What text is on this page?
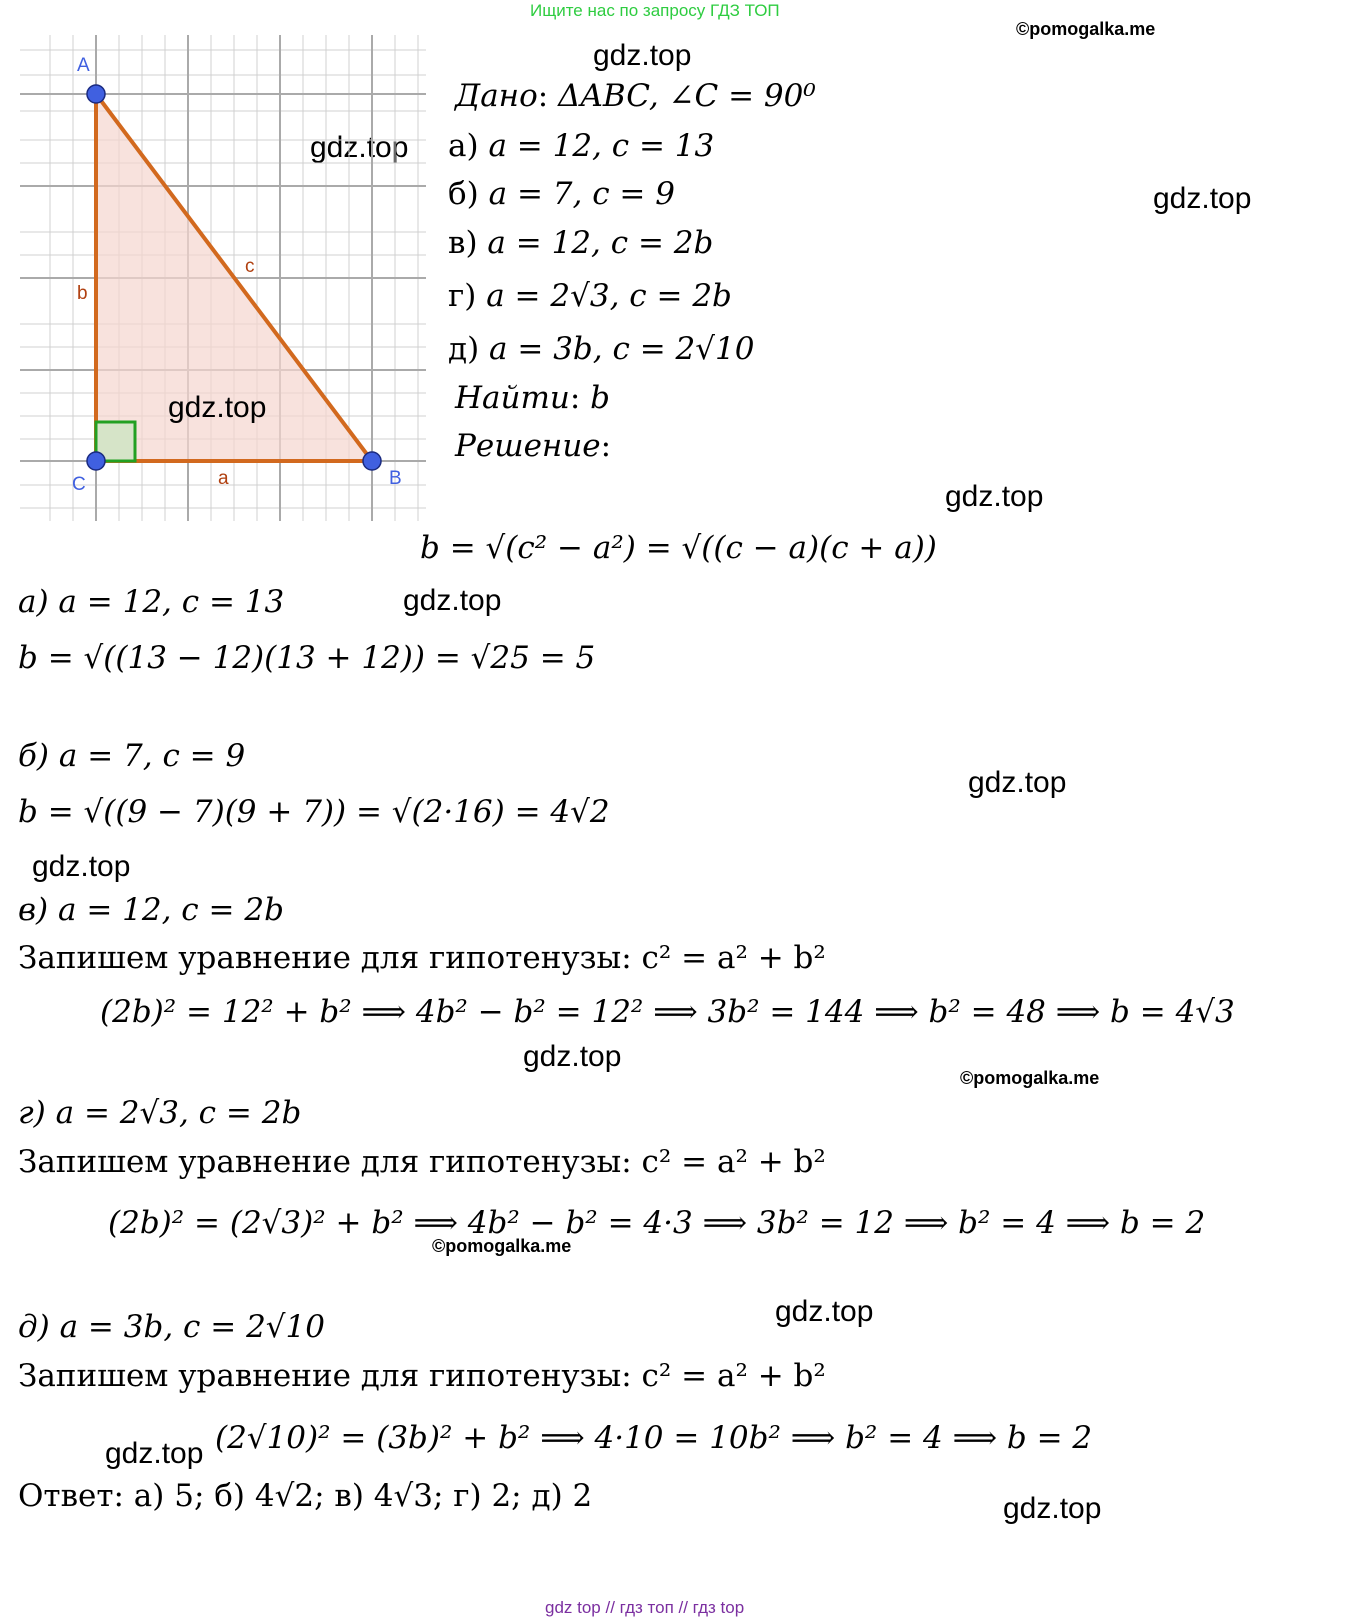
Ищите нас по запросу ГДЗ ТОП
©pomogalka.me
gdz.top
gdz.top
gdz.top
gdz.top
gdz.top
gdz.top
gdz.top
gdz.top
©pomogalka.me
©pomogalka.me
gdz.top
gdz.top
gdz.top
A
B
C	a
b
c
gdz.top
Дано: ΔABC, ∠C = 90⁰
а) a = 12, c = 13
б) a = 7, c = 9
в) a = 12, c = 2b
г) a = 2√3, c = 2b
д) a = 3b, c = 2√10
Найти: b
Решение:
b = √(c² − a²) = √((c − a)(c + a))
а) a = 12, c = 13
b = √((13 − 12)(13 + 12)) = √25 = 5
б) a = 7, c = 9
b = √((9 − 7)(9 + 7)) = √(2·16) = 4√2
в) a = 12, c = 2b
Запишем уравнение для гипотенузы: c² = a² + b²
(2b)² = 12² + b² ⟹ 4b² − b² = 12² ⟹ 3b² = 144 ⟹ b² = 48 ⟹ b = 4√3
г) a = 2√3, c = 2b
Запишем уравнение для гипотенузы: c² = a² + b²
(2b)² = (2√3)² + b² ⟹ 4b² − b² = 4·3 ⟹ 3b² = 12 ⟹ b² = 4 ⟹ b = 2
д) a = 3b, c = 2√10
Запишем уравнение для гипотенузы: c² = a² + b²
(2√10)² = (3b)² + b² ⟹ 4·10 = 10b² ⟹ b² = 4 ⟹ b = 2
Ответ: а) 5; б) 4√2; в) 4√3; г) 2; д) 2
gdz top // гдз топ // гдз top
